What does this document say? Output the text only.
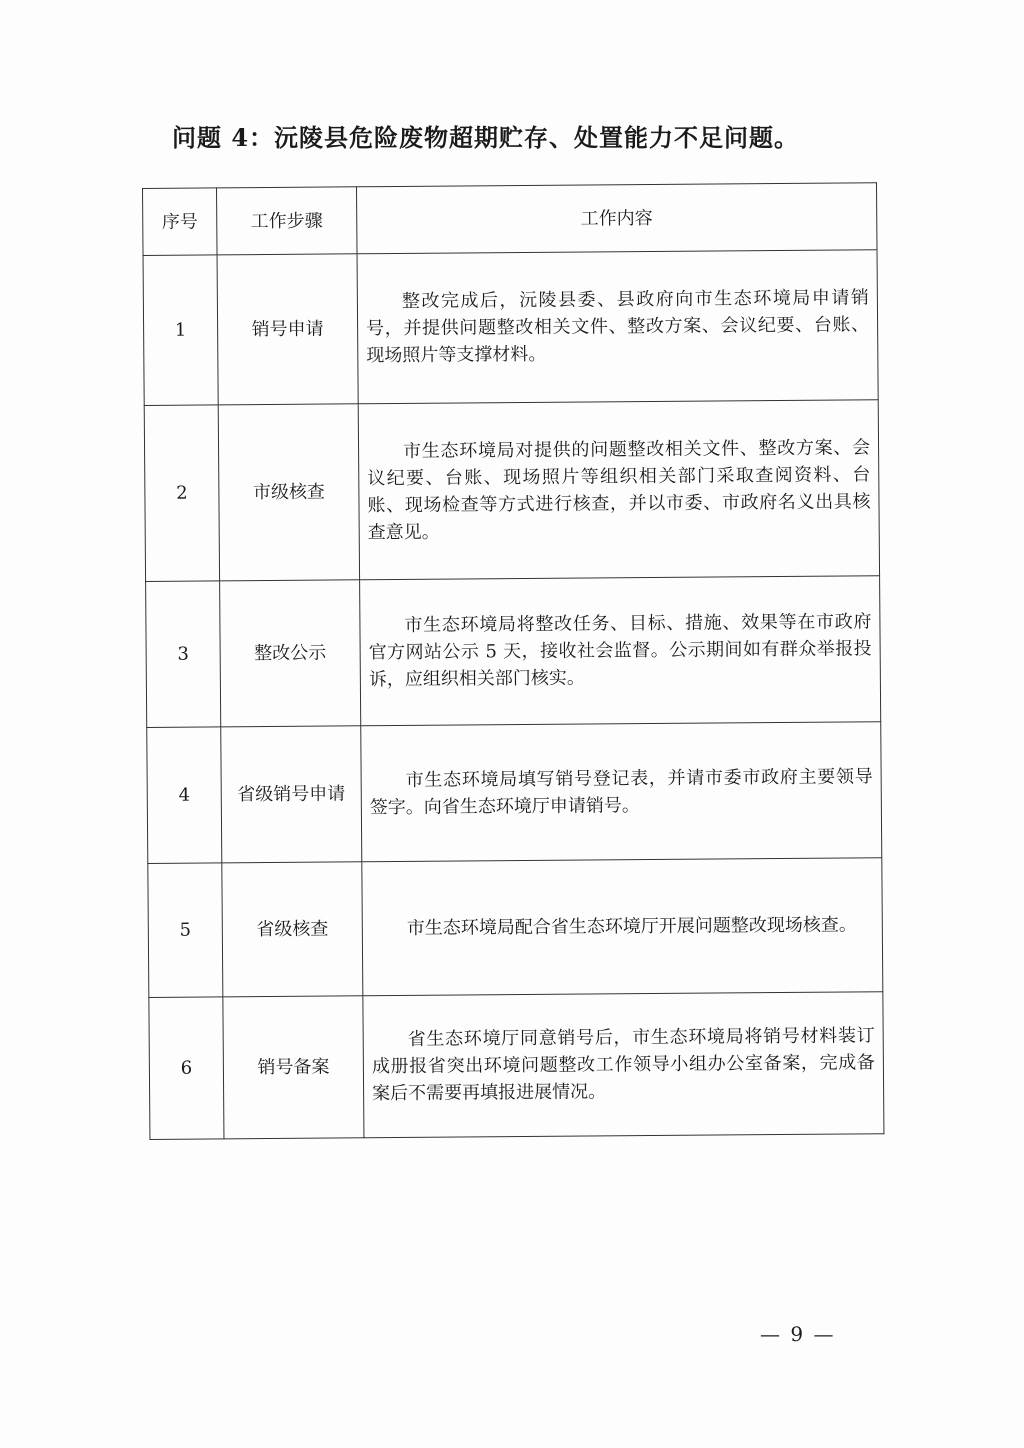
问题 4：沅陵县危险废物超期贮存、处置能力不足问题。
序号	工作步骤	工作内容
1	销号申请	整改完成后，沅陵县委、县政府向市生态环境局申请销号，并提供问题整改相关文件、整改方案、会议纪要、台账、现场照片等支撑材料。
2	市级核查	市生态环境局对提供的问题整改相关文件、整改方案、会议纪要、台账、现场照片等组织相关部门采取查阅资料、台账、现场检查等方式进行核查，并以市委、市政府名义出具核查意见。
3	整改公示	市生态环境局将整改任务、目标、措施、效果等在市政府官方网站公示 5 天，接收社会监督。公示期间如有群众举报投诉，应组织相关部门核实。
4	省级销号申请	市生态环境局填写销号登记表，并请市委市政府主要领导签字。向省生态环境厅申请销号。
5	省级核查	市生态环境局配合省生态环境厅开展问题整改现场核查。
6	销号备案	省生态环境厅同意销号后，市生态环境局将销号材料装订成册报省突出环境问题整改工作领导小组办公室备案，完成备案后不需要再填报进展情况。
— 9 —
